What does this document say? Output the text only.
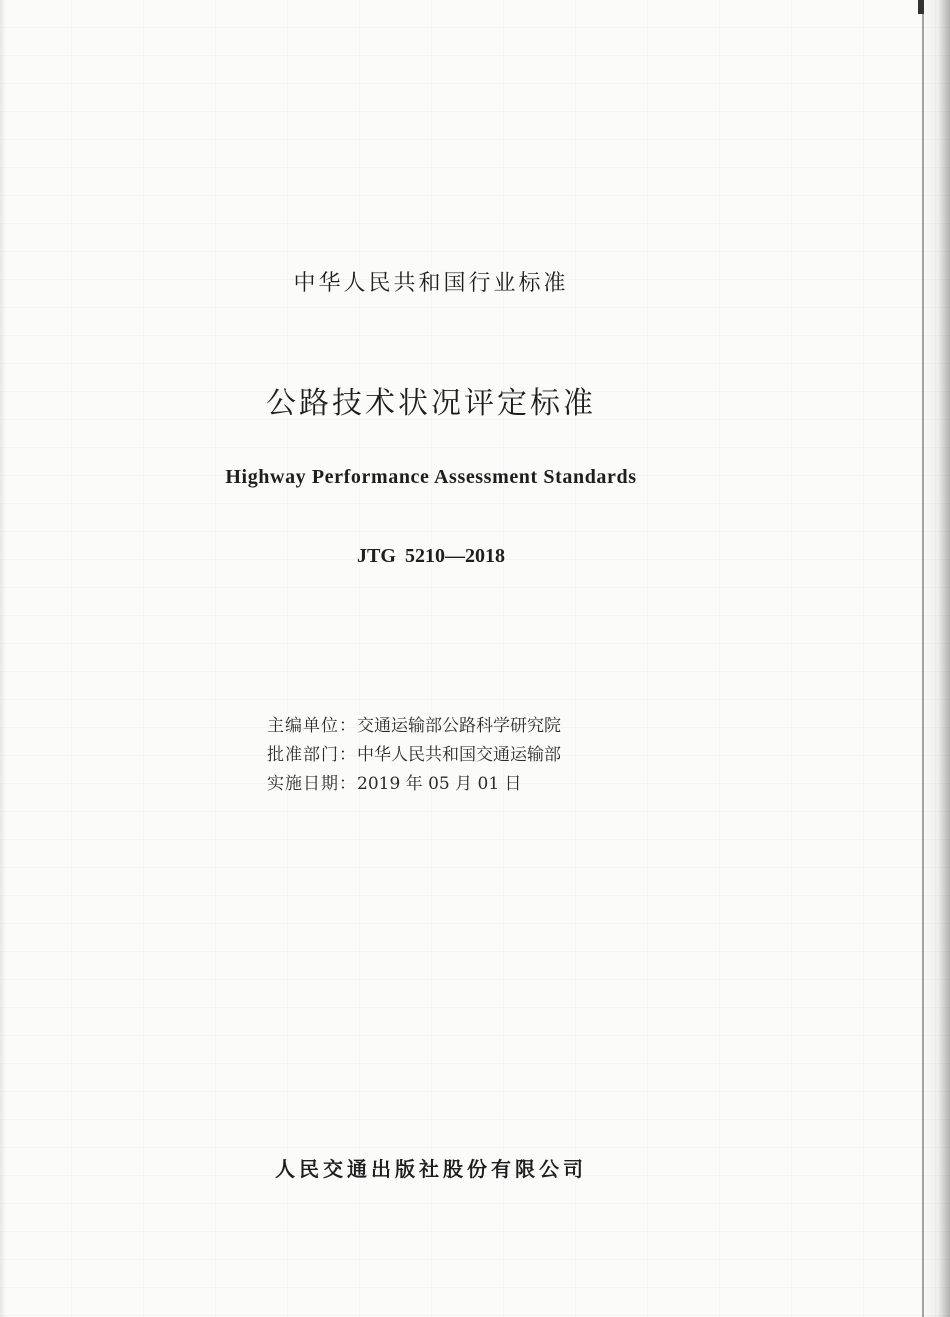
中华人民共和国行业标准
公路技术状况评定标准
Highway Performance Assessment Standards
JTG 5210—2018
主编单位：交通运输部公路科学研究院
批准部门：中华人民共和国交通运输部
实施日期：2019 年 05 月 01 日
人民交通出版社股份有限公司
